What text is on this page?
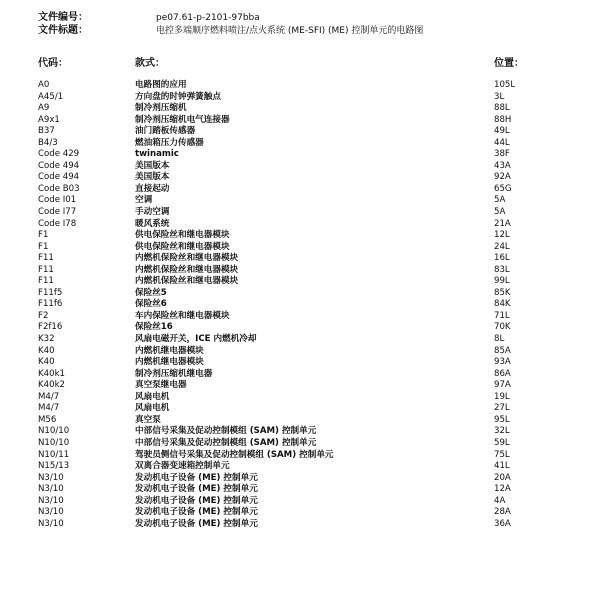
文件编号：	pe07.61-p-2101-97bba
文件标题：	电控多端顺序燃料喷注/点火系统 (ME-SFI) (ME) 控制单元的电路图
代码：	款式：	位置：
A0	电路图的应用	105L
A45/1	方向盘的时钟弹簧触点	3L
A9	制冷剂压缩机	88L
A9x1	制冷剂压缩机电气连接器	88H
B37	油门踏板传感器	49L
B4/3	燃油箱压力传感器	44L
Code 429	twinamic	38F
Code 494	美国版本	43A
Code 494	美国版本	92A
Code B03	直接起动	65G
Code I01	空调	5A
Code I77	手动空调	5A
Code I78	暖风系统	21A
F1	供电保险丝和继电器模块	12L
F1	供电保险丝和继电器模块	24L
F11	内燃机保险丝和继电器模块	16L
F11	内燃机保险丝和继电器模块	83L
F11	内燃机保险丝和继电器模块	99L
F11f5	保险丝5	85K
F11f6	保险丝6	84K
F2	车内保险丝和继电器模块	71L
F2f16	保险丝16	70K
K32	风扇电磁开关，ICE 内燃机冷却	8L
K40	内燃机继电器模块	85A
K40	内燃机继电器模块	93A
K40k1	制冷剂压缩机继电器	86A
K40k2	真空泵继电器	97A
M4/7	风扇电机	19L
M4/7	风扇电机	27L
M56	真空泵	95L
N10/10	中部信号采集及促动控制模组 (SAM) 控制单元	32L
N10/10	中部信号采集及促动控制模组 (SAM) 控制单元	59L
N10/11	驾驶员侧信号采集及促动控制模组 (SAM) 控制单元	75L
N15/13	双离合器变速箱控制单元	41L
N3/10	发动机电子设备 (ME) 控制单元	20A
N3/10	发动机电子设备 (ME) 控制单元	12A
N3/10	发动机电子设备 (ME) 控制单元	4A
N3/10	发动机电子设备 (ME) 控制单元	28A
N3/10	发动机电子设备 (ME) 控制单元	36A
